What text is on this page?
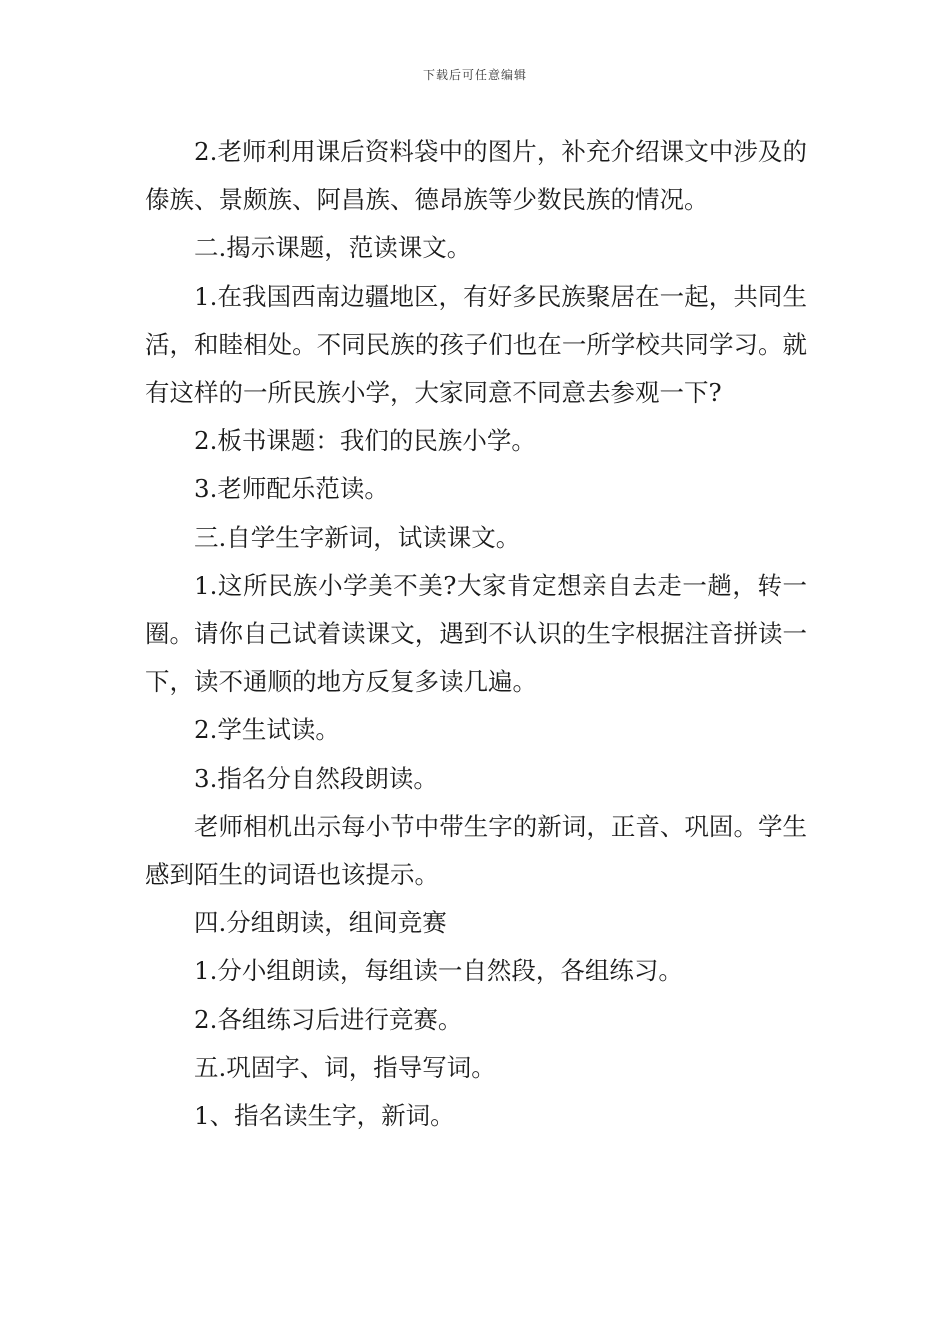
下载后可任意编辑

2.老师利用课后资料袋中的图片，补充介绍课文中涉及的傣族、景颇族、阿昌族、德昂族等少数民族的情况。

二.揭示课题，范读课文。

1.在我国西南边疆地区，有好多民族聚居在一起，共同生活，和睦相处。不同民族的孩子们也在一所学校共同学习。就有这样的一所民族小学，大家同意不同意去参观一下?

2.板书课题：我们的民族小学。

3.老师配乐范读。

三.自学生字新词，试读课文。

1.这所民族小学美不美?大家肯定想亲自去走一趟，转一圈。请你自己试着读课文，遇到不认识的生字根据注音拼读一下，读不通顺的地方反复多读几遍。

2.学生试读。

3.指名分自然段朗读。

老师相机出示每小节中带生字的新词，正音、巩固。学生感到陌生的词语也该提示。

四.分组朗读，组间竞赛

1.分小组朗读，每组读一自然段，各组练习。

2.各组练习后进行竞赛。

五.巩固字、词，指导写词。

1、指名读生字，新词。
